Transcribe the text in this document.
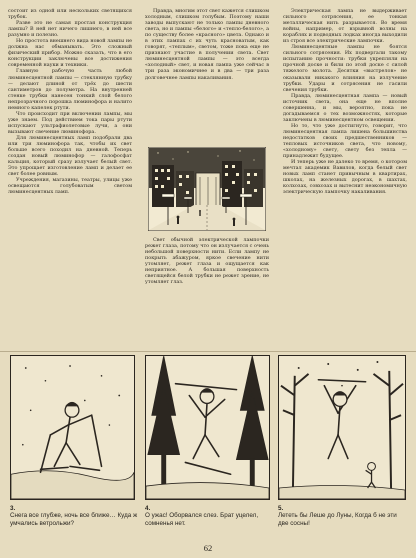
состоит из одной или нескольких светящихся трубок.

Разве это не самая простая конструкция лампы? В ней нет ничего лишнего, в ней все разумно и полезно.

Но простота внешнего вида новой лампы не должна нас обманывать. Это сложный физический прибор. Можно сказать, что в его конструкции заключены все достижения современной науки и техники.

Главную рабочую часть любой люминесцентной лампы — стеклянную трубку — делают длиной от трёх до шести сантиметров до полуметра. На внутренней стенке трубки нанесен тонкий слой белого непрозрачного порошка люминофора и налито немного капелек ртути.

Что происходит при включении лампы, мы уже знаем. Под действием тока пары ртути испускают ультрафиолетовые лучи, а они вызывают свечение люминофора.

Для люминесцентных ламп подобрали два или три люминофора так, чтобы их свет больше всего походил на дневной. Теперь создан новый люминофор — галофосфат кальция, который сразу излучает белый свет. Это упрощает изготовление ламп и делает ее свет более ровным.

Учреждения, магазины, театры, улицы уже освещаются голубоватым светом люминесцентных ламп.

Правда, многим этот свет кажется слишком холодным, слишком голубым. Поэтому наши заводы выпускают не только лампы дневного света, но и лампы «белого» и «тепло-белого», а по существу более «красного» цвета. Однако и в этих лампах с их чуть красноватым, как говорят, «теплым», светом, тоже пока еще не признают участие в получении света. Свет люминесцентной лампы — это всегда «холодный» свет, и новая лампа уже сейчас в три раза экономичнее и в два — три раза долговечнее лампы накаливания.

Свет обычной электрической лампочки режет глаза, потому что он излучается с очень небольшой поверхности нити. Если лампу не покрыть абажуром, яркое свечение нити утомляет, режет глаза и ощущается как неприятное. А большая поверхность светящейся белой трубки не режет зрение, не утомляет глаз.

Электрическая лампа не выдерживает сильного сотрясения, ее тонкая металлическая нить разрывается. Во время войны, например, от взрывной волны на кораблях и подводных лодках иногда выходили из строя все электрические лампочки.

Люминесцентные лампы не боятся сильного сотрясения. Их подвергали такому испытанию прочности: трубки укрепляли на прочной доске и били по этой доске с силой тяжелого молота. Десятки «выстрелов» не оказывали никакого влияния на излучение трубки. Удары и сотрясения не гасили свечения трубки.

Правда, люминесцентная лампа — новый источник света, она еще не вполне совершенна, и мы, вероятно, пока не догадываемся о тех возможностях, которые заключены в люминесцентном освещении.

Но то, что уже достигнуто, говорит, что люминесцентная лампа лишена большинства недостатков своих предшественников — тепловых источников света, что новому, «холодному» свету, свету без тепла — принадлежит будущее.

И теперь уже не далеко то время, о котором мечтал академик Вавилов, когда белый свет новых ламп станет привычным в квартирах, школах, на железных дорогах, в шахтах, колхозах, совхозах и вытеснит неэкономичную электрическую лампочку накаливания.

3.
Снега все глубже, ночь все ближе… Куда ж умчались ветрольжи?
4.
О ужас! Оборвался слез. Брат уцелел, сомненья нет.
5.
Лететь бы Лешe до Луны, Когда б не эти две сосны!
62
